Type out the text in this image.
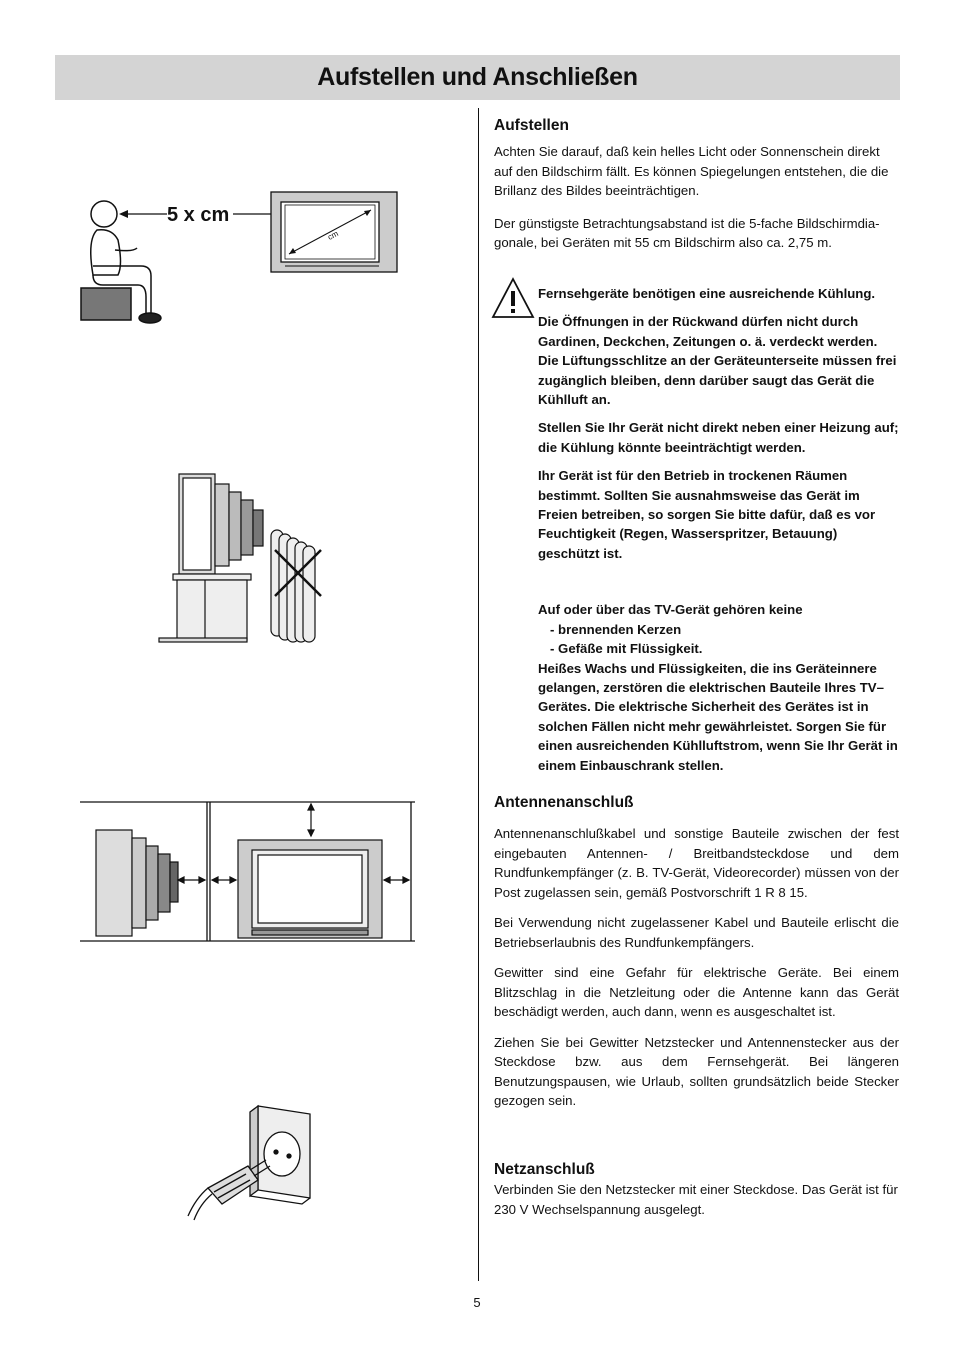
Aufstellen und Anschließen
5 x cm
cm

Aufstellen

Achten Sie darauf, daß kein helles Licht oder Sonnenschein direkt auf den Bildschirm fällt. Es können Spiegelungen entstehen, die die Brillanz des Bildes beeinträchtigen.

Der günstigste Betrachtungsabstand ist die 5-fache Bildschirmdia-

gonale, bei Geräten mit 55 cm Bildschirm also ca. 2,75 m.

Fernsehgeräte benötigen eine ausreichende Kühlung.

Die Öffnungen in der Rückwand dürfen nicht durch Gardinen, Deckchen, Zeitungen o. ä. verdeckt werden. Die Lüftungsschlitze an der Geräteunterseite müssen frei zugänglich bleiben, denn darüber saugt das Gerät die Kühlluft an.

Stellen Sie Ihr Gerät nicht direkt neben einer Heizung auf; die Kühlung könnte beeinträchtigt werden.

Ihr Gerät ist für den Betrieb in trockenen Räumen bestimmt. Sollten Sie ausnahmsweise das Gerät im Freien betreiben, so sorgen Sie bitte dafür, daß es vor Feuchtigkeit (Regen, Wasserspritzer, Betauung) geschützt ist.

Auf oder über das TV-Gerät gehören keine

- brennenden Kerzen

- Gefäße mit Flüssigkeit.

Heißes Wachs und Flüssigkeiten, die ins Geräteinnere gelangen, zerstören die elektrischen Bauteile Ihres TV–Gerätes. Die elektrische Sicherheit des Gerätes ist in solchen Fällen nicht mehr gewährleistet. Sorgen Sie für einen ausreichenden Kühlluftstrom, wenn Sie Ihr Gerät in einem Einbauschrank stellen.

Antennenanschluß

Antennenanschlußkabel und sonstige Bauteile zwischen der fest eingebauten Antennen- / Breitbandsteckdose und dem Rundfunkempfänger (z. B. TV-Gerät, Videorecorder) müssen von der Post zugelassen sein, gemäß Postvorschrift 1 R 8 15.

Bei Verwendung nicht zugelassener Kabel und Bauteile erlischt die Betriebserlaubnis des Rundfunkempfängers.

Gewitter sind eine Gefahr für elektrische Geräte. Bei einem Blitzschlag in die Netzleitung oder die Antenne kann das Gerät beschädigt werden, auch dann, wenn es ausgeschaltet ist.

Ziehen Sie bei Gewitter Netzstecker und Antennenstecker aus der Steckdose bzw. aus dem Fernsehgerät. Bei längeren Benutzungspausen, wie Urlaub, sollten grundsätzlich beide Stecker gezogen sein.

Netzanschluß

Verbinden Sie den Netzstecker mit einer Steckdose. Das Gerät ist für 230 V Wechselspannung ausgelegt.

5
